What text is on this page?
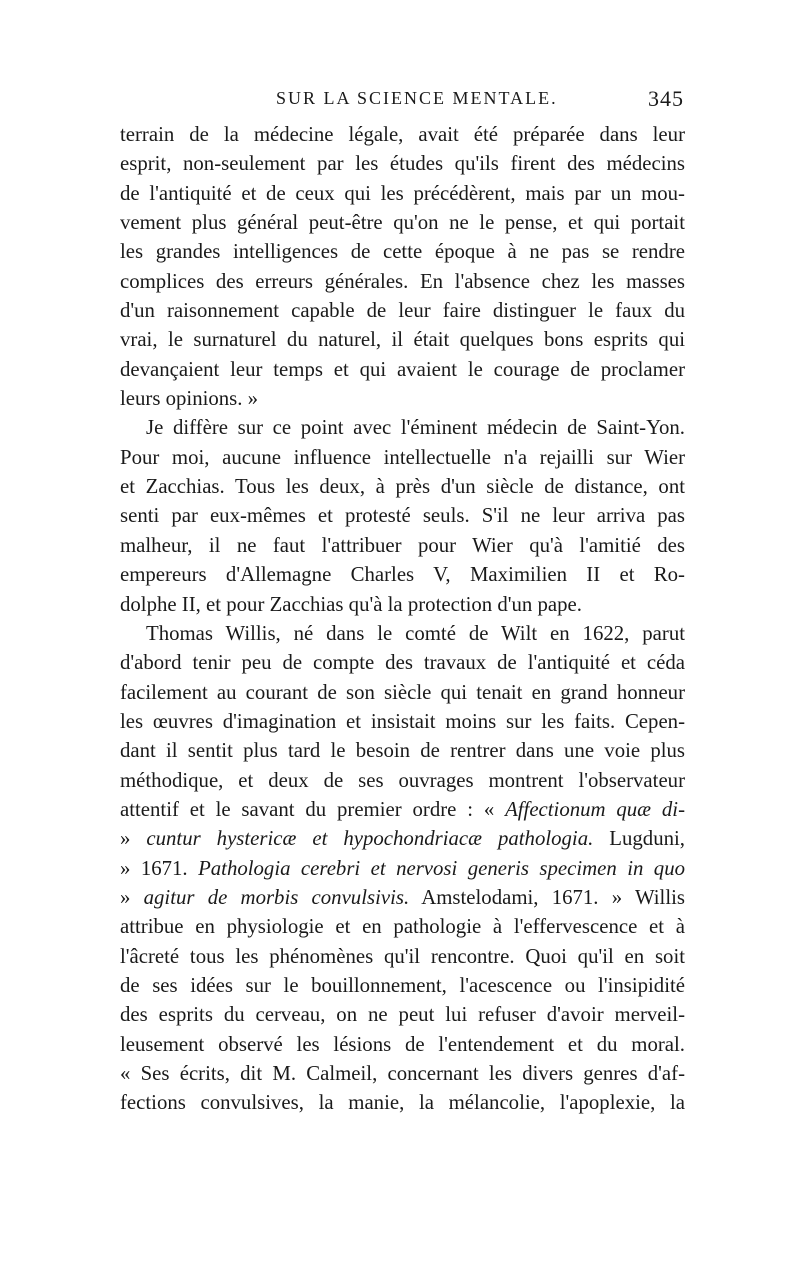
SUR LA SCIENCE MENTALE.	345
terrain de la médecine légale, avait été préparée dans leur
esprit, non-seulement par les études qu'ils firent des médecins
de l'antiquité et de ceux qui les précédèrent, mais par un mou-
vement plus général peut-être qu'on ne le pense, et qui portait
les grandes intelligences de cette époque à ne pas se rendre
complices des erreurs générales. En l'absence chez les masses
d'un raisonnement capable de leur faire distinguer le faux du
vrai, le surnaturel du naturel, il était quelques bons esprits qui
devançaient leur temps et qui avaient le courage de proclamer
leurs opinions. »
Je diffère sur ce point avec l'éminent médecin de Saint-Yon.
Pour moi, aucune influence intellectuelle n'a rejailli sur Wier
et Zacchias. Tous les deux, à près d'un siècle de distance, ont
senti par eux-mêmes et protesté seuls. S'il ne leur arriva pas
malheur, il ne faut l'attribuer pour Wier qu'à l'amitié des
empereurs d'Allemagne Charles V, Maximilien II et Ro-
dolphe II, et pour Zacchias qu'à la protection d'un pape.
Thomas Willis, né dans le comté de Wilt en 1622, parut
d'abord tenir peu de compte des travaux de l'antiquité et céda
facilement au courant de son siècle qui tenait en grand honneur
les œuvres d'imagination et insistait moins sur les faits. Cepen-
dant il sentit plus tard le besoin de rentrer dans une voie plus
méthodique, et deux de ses ouvrages montrent l'observateur
attentif et le savant du premier ordre : « Affectionum quæ di-
» cuntur hystericæ et hypochondriacæ pathologia. Lugduni,
» 1671. Pathologia cerebri et nervosi generis specimen in quo
» agitur de morbis convulsivis. Amstelodami, 1671. » Willis
attribue en physiologie et en pathologie à l'effervescence et à
l'âcreté tous les phénomènes qu'il rencontre. Quoi qu'il en soit
de ses idées sur le bouillonnement, l'acescence ou l'insipidité
des esprits du cerveau, on ne peut lui refuser d'avoir merveil-
leusement observé les lésions de l'entendement et du moral.
« Ses écrits, dit M. Calmeil, concernant les divers genres d'af-
fections convulsives, la manie, la mélancolie, l'apoplexie, la
